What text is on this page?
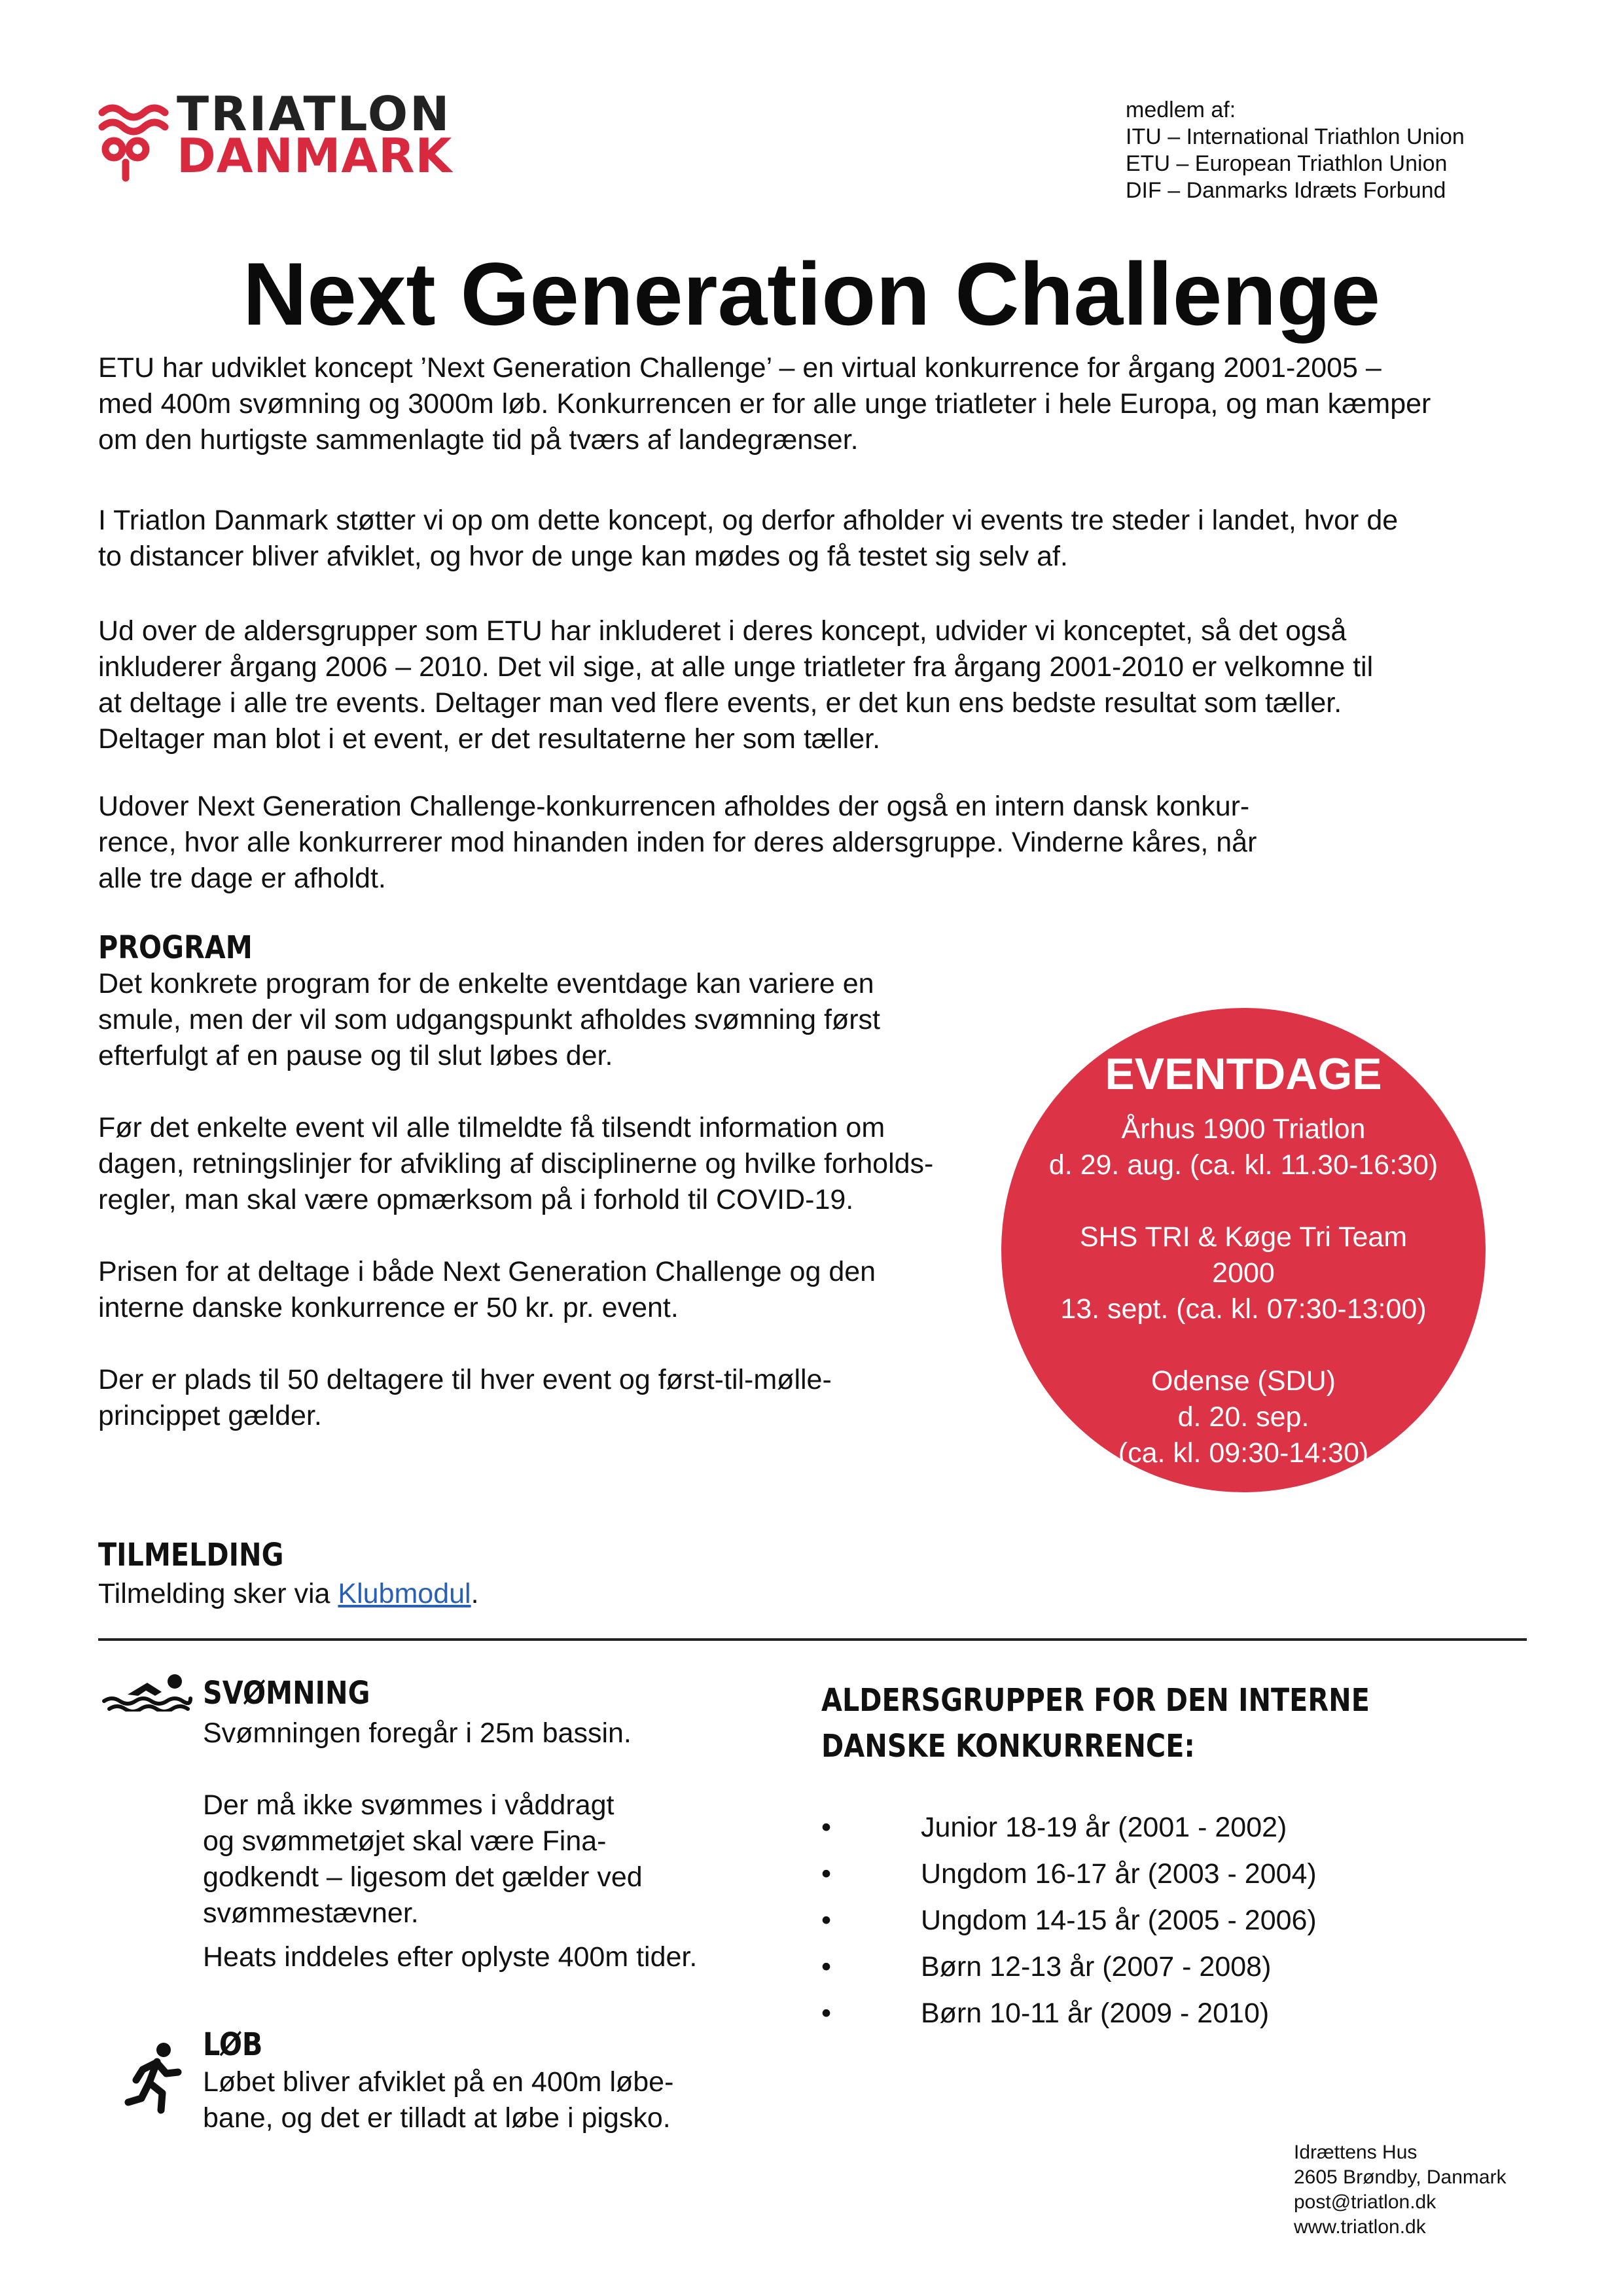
TRIATLON
DANMARK
medlem af:
ITU – International Triathlon Union
ETU – European Triathlon Union
DIF – Danmarks Idræts Forbund
Next Generation Challenge
ETU har udviklet koncept ’Next Generation Challenge’ – en virtual konkurrence for årgang 2001-2005 –
med 400m svømning og 3000m løb. Konkurrencen er for alle unge triatleter i hele Europa, og man kæmper
om den hurtigste sammenlagte tid på tværs af landegrænser.
I Triatlon Danmark støtter vi op om dette koncept, og derfor afholder vi events tre steder i landet, hvor de
to distancer bliver afviklet, og hvor de unge kan mødes og få testet sig selv af.
Ud over de aldersgrupper som ETU har inkluderet i deres koncept, udvider vi konceptet, så det også
inkluderer årgang 2006 – 2010. Det vil sige, at alle unge triatleter fra årgang 2001-2010 er velkomne til
at deltage i alle tre events. Deltager man ved flere events, er det kun ens bedste resultat som tæller.
Deltager man blot i et event, er det resultaterne her som tæller.
Udover Next Generation Challenge-konkurrencen afholdes der også en intern dansk konkur-
rence, hvor alle konkurrerer mod hinanden inden for deres aldersgruppe. Vinderne kåres, når
alle tre dage er afholdt.
PROGRAM
Det konkrete program for de enkelte eventdage kan variere en
smule, men der vil som udgangspunkt afholdes svømning først
efterfulgt af en pause og til slut løbes der.
Før det enkelte event vil alle tilmeldte få tilsendt information om
dagen, retningslinjer for afvikling af disciplinerne og hvilke forholds-
regler, man skal være opmærksom på i forhold til COVID-19.
Prisen for at deltage i både Next Generation Challenge og den
interne danske konkurrence er 50 kr. pr. event.
Der er plads til 50 deltagere til hver event og først-til-mølle-
princippet gælder.
EVENTDAGE
Århus 1900 Triatlon
d. 29. aug. (ca. kl. 11.30-16:30)
SHS TRI & Køge Tri Team
2000
13. sept. (ca. kl. 07:30-13:00)
Odense (SDU)
d. 20. sep.
(ca. kl. 09:30-14:30)
TILMELDING
Tilmelding sker via Klubmodul.
SVØMNING
Svømningen foregår i 25m bassin.
Der må ikke svømmes i våddragt
og svømmetøjet skal være Fina-
godkendt – ligesom det gælder ved
svømmestævner.
Heats inddeles efter oplyste 400m tider.
LØB
Løbet bliver afviklet på en 400m løbe-
bane, og det er tilladt at løbe i pigsko.
ALDERSGRUPPER FOR DEN INTERNE
DANSKE KONKURRENCE:
•	Junior 18-19 år (2001 - 2002)
•	Ungdom 16-17 år (2003 - 2004)
•	Ungdom 14-15 år (2005 - 2006)
•	Børn 12-13 år (2007 - 2008)
•	Børn 10-11 år (2009 - 2010)
Idrættens Hus
2605 Brøndby, Danmark
post@triatlon.dk
www.triatlon.dk
